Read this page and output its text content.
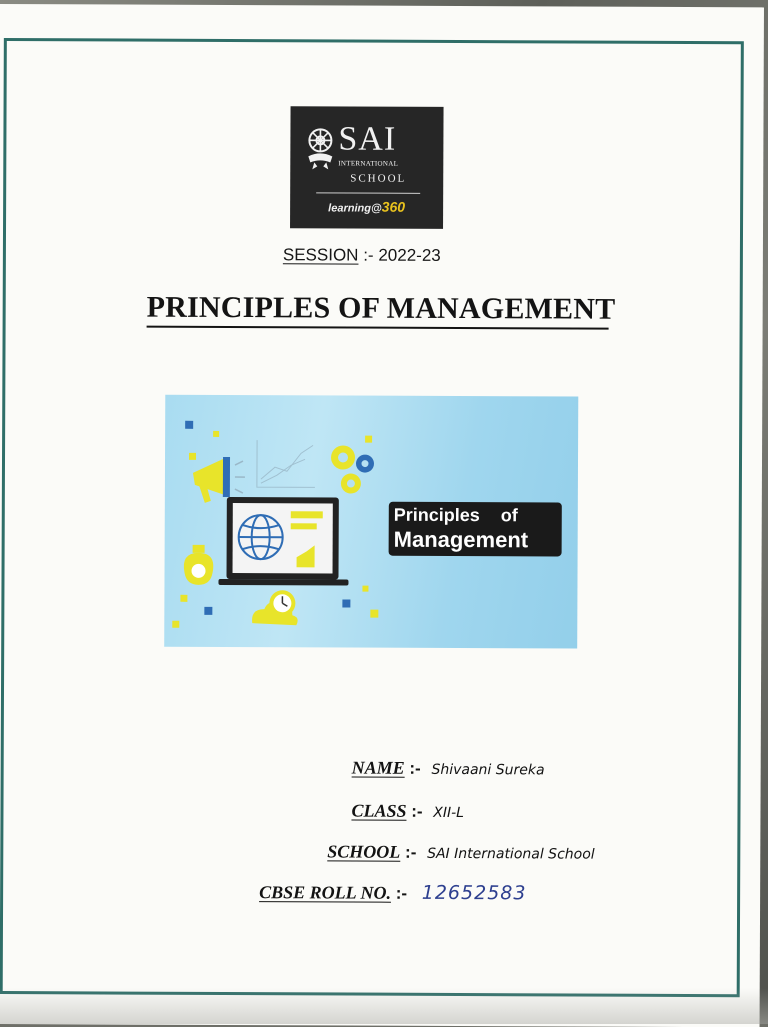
SAI
INTERNATIONAL
SCHOOL
learning@360
SESSION :- 2022-23
PRINCIPLES OF MANAGEMENT
Principles of
Management
NAME :- Shivaani Sureka
CLASS :- XII-L
SCHOOL :- SAI International School
CBSE ROLL NO. :- 12652583
